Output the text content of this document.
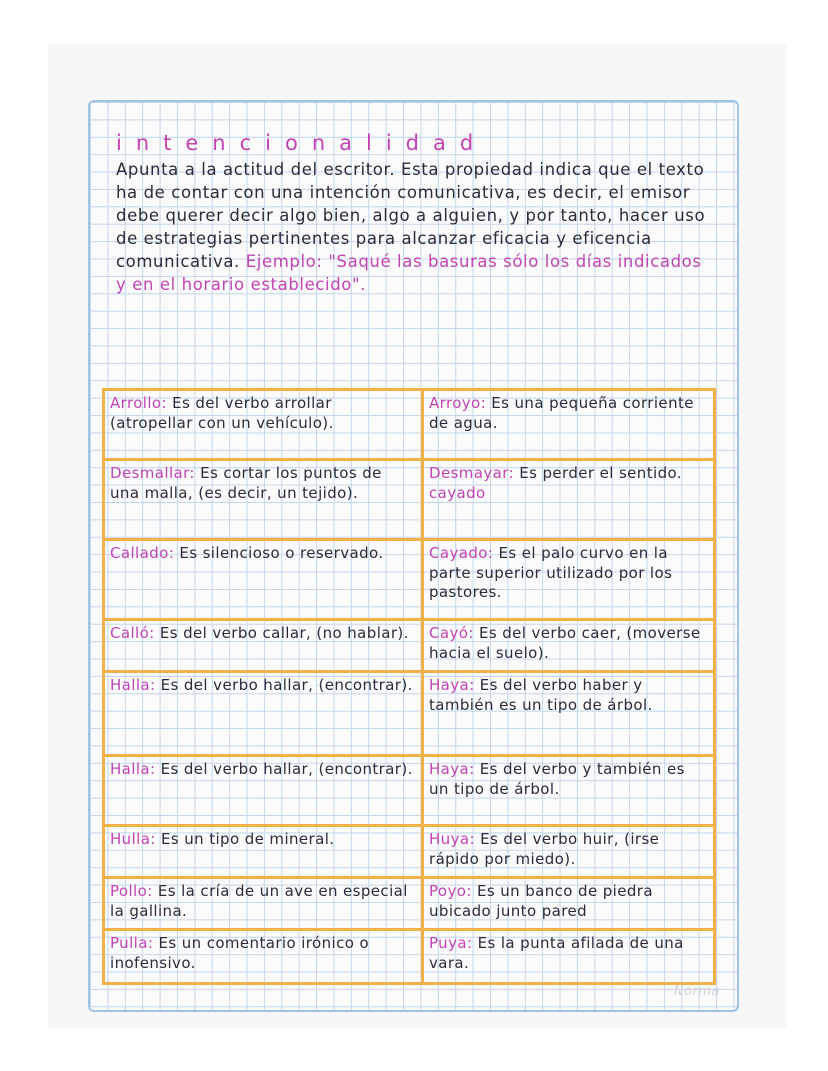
intencionalidad

Apunta a la actitud del escritor. Esta propiedad indica que el texto ha de contar con una intención comunicativa, es decir, el emisor debe querer decir algo bien, algo a alguien, y por tanto, hacer uso de estrategias pertinentes para alcanzar eficacia y eficencia comunicativa. Ejemplo: "Saqué las basuras sólo los días indicados y en el horario establecido".

Arrollo: Es del verbo arrollar (atropellar con un vehículo).
Desmallar: Es cortar los puntos de una malla, (es decir, un tejido).
Callado: Es silencioso o reservado.
Calló: Es del verbo callar, (no hablar).
Halla: Es del verbo hallar, (encontrar).
Halla: Es del verbo hallar, (encontrar).
Hulla: Es un tipo de mineral.
Pollo: Es la cría de un ave en especial la gallina.
Pulla: Es un comentario irónico o inofensivo.
Arroyo: Es una pequeña corriente de agua.
Desmayar: Es perder el sentido.
cayado
Cayado: Es el palo curvo en la parte superior utilizado por los pastores.
Cayó: Es del verbo caer, (moverse hacia el suelo).
Haya: Es del verbo haber y también es un tipo de árbol.
Haya: Es del verbo y también es un tipo de árbol.
Huya: Es del verbo huir, (irse rápido por miedo).
Poyo: Es un banco de piedra ubicado junto pared
Puya: Es la punta afilada de una vara.
Norma
